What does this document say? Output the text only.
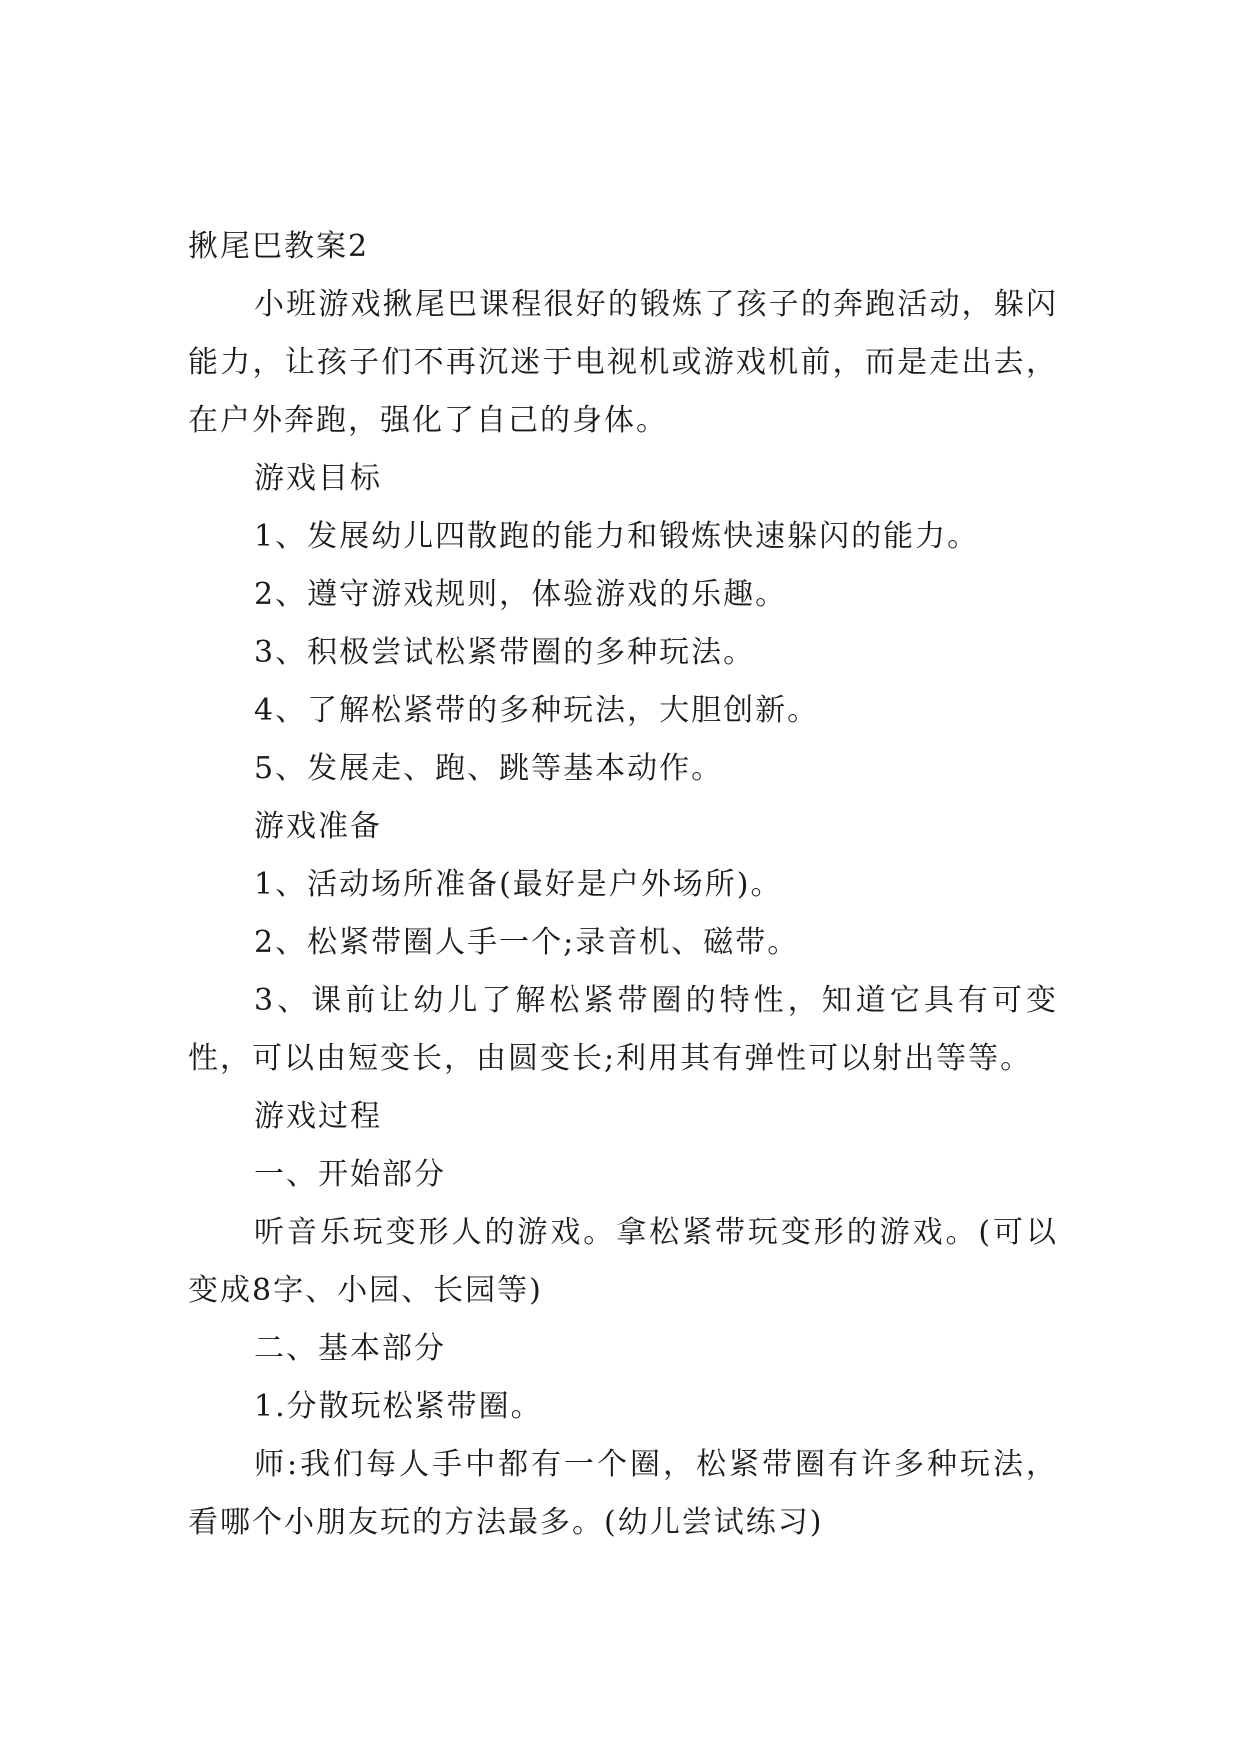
揪尾巴教案2

小班游戏揪尾巴课程很好的锻炼了孩子的奔跑活动，躲闪能力，让孩子们不再沉迷于电视机或游戏机前，而是走出去，在户外奔跑，强化了自己的身体。

游戏目标

1、发展幼儿四散跑的能力和锻炼快速躲闪的能力。

2、遵守游戏规则，体验游戏的乐趣。

3、积极尝试松紧带圈的多种玩法。

4、了解松紧带的多种玩法，大胆创新。

5、发展走、跑、跳等基本动作。

游戏准备

1、活动场所准备(最好是户外场所)。

2、松紧带圈人手一个;录音机、磁带。

3、课前让幼儿了解松紧带圈的特性，知道它具有可变性，可以由短变长，由圆变长;利用其有弹性可以射出等等。

游戏过程

一、开始部分

听音乐玩变形人的游戏。拿松紧带玩变形的游戏。(可以变成8字、小园、长园等)

二、基本部分

1.分散玩松紧带圈。

师:我们每人手中都有一个圈，松紧带圈有许多种玩法，看哪个小朋友玩的方法最多。(幼儿尝试练习)
